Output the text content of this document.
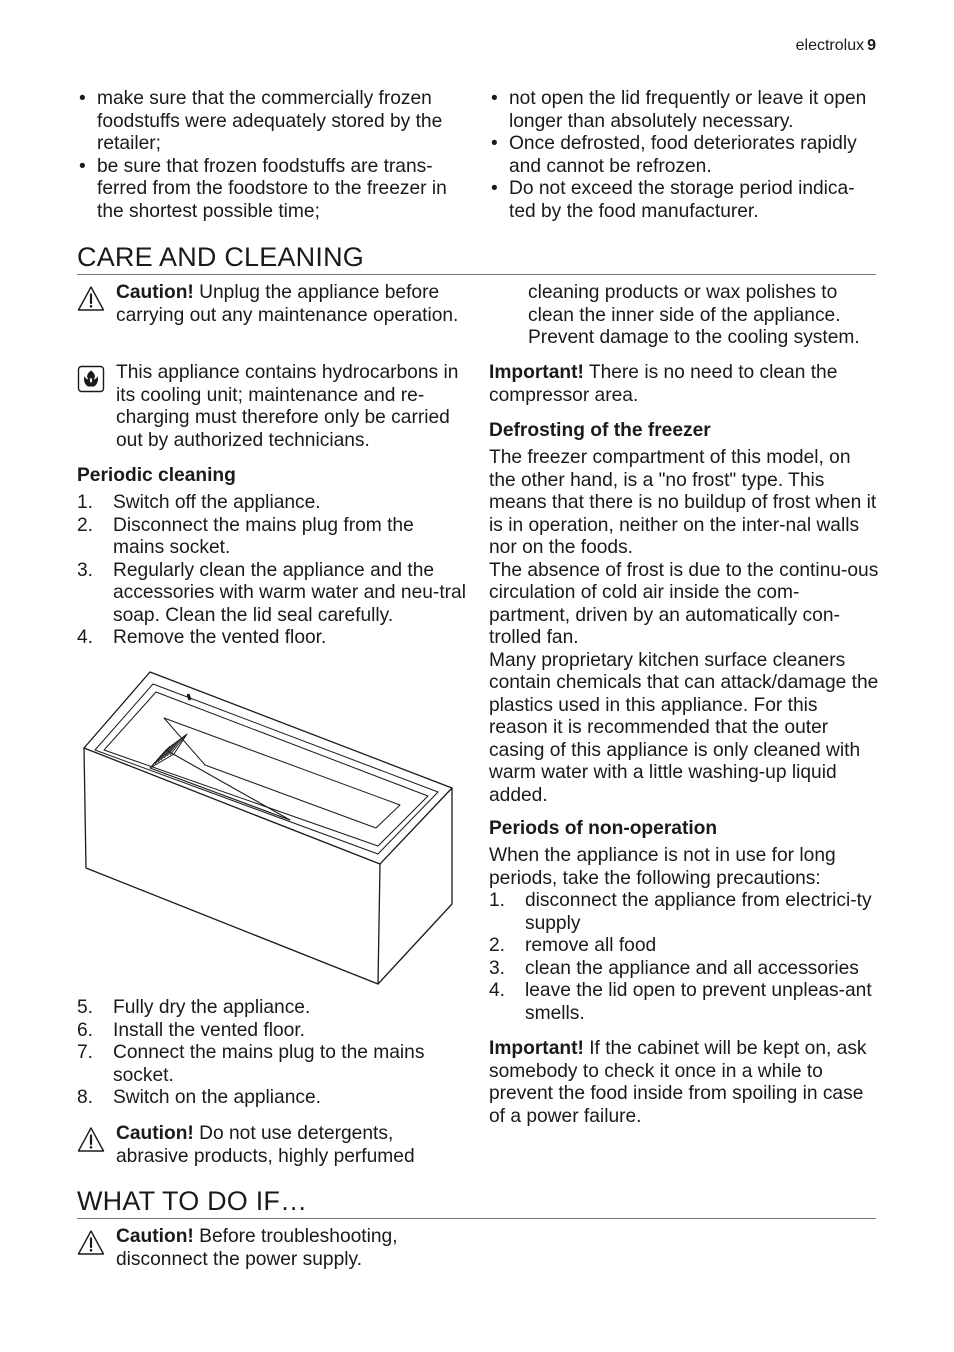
electrolux 9
• make sure that the commercially frozen foodstuffs were adequately stored by the retailer;
• be sure that frozen foodstuffs are trans-ferred from the foodstore to the freezer in the shortest possible time;
• not open the lid frequently or leave it open longer than absolutely necessary.
• Once defrosted, food deteriorates rapidly and cannot be refrozen.
• Do not exceed the storage period indica-ted by the food manufacturer.
CARE AND CLEANING
Caution! Unplug the appliance before carrying out any maintenance operation.
This appliance contains hydrocarbons in its cooling unit; maintenance and re-charging must therefore only be carried out by authorized technicians.
Periodic cleaning
1. Switch off the appliance.
2. Disconnect the mains plug from the mains socket.
3. Regularly clean the appliance and the accessories with warm water and neu-tral soap. Clean the lid seal carefully.
4. Remove the vented floor.
5. Fully dry the appliance.
6. Install the vented floor.
7. Connect the mains plug to the mains socket.
8. Switch on the appliance.
Caution! Do not use detergents, abrasive products, highly perfumed

cleaning products or wax polishes to clean the inner side of the appliance. Prevent damage to the cooling system.

Important! There is no need to clean the compressor area.

Defrosting of the freezer

The freezer compartment of this model, on the other hand, is a "no frost" type. This means that there is no buildup of frost when it is in operation, neither on the inter-nal walls nor on the foods.

The absence of frost is due to the continu-ous circulation of cold air inside the com-partment, driven by an automatically con-trolled fan.

Many proprietary kitchen surface cleaners contain chemicals that can attack/damage the plastics used in this appliance. For this reason it is recommended that the outer casing of this appliance is only cleaned with warm water with a little washing-up liquid added.

Periods of non-operation

When the appliance is not in use for long periods, take the following precautions:

1. disconnect the appliance from electrici-ty supply
2. remove all food
3. clean the appliance and all accessories
4. leave the lid open to prevent unpleas-ant smells.

Important! If the cabinet will be kept on, ask somebody to check it once in a while to prevent the food inside from spoiling in case of a power failure.

WHAT TO DO IF…
Caution! Before troubleshooting, disconnect the power supply.
